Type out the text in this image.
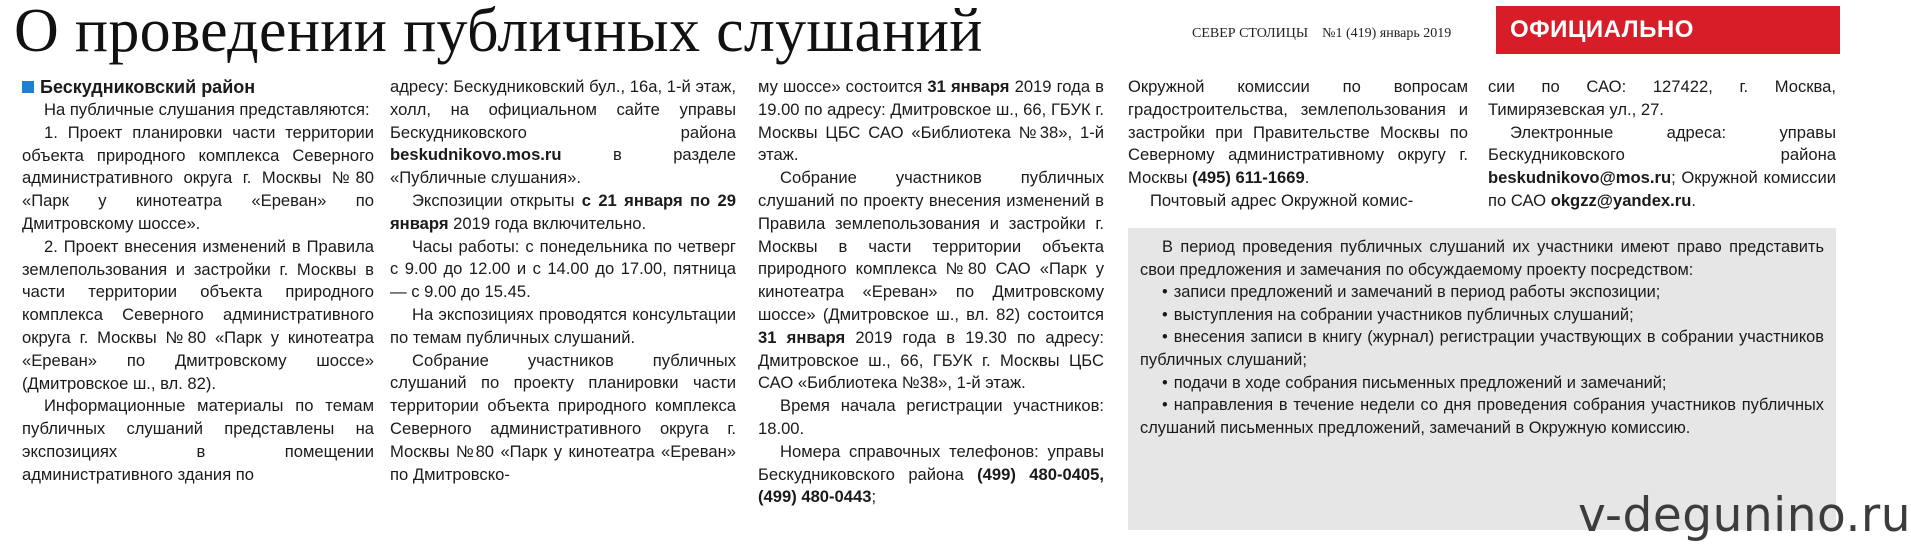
О проведении публичных слушаний	СЕВЕР СТОЛИЦЫ №1 (419) январь 2019	ОФИЦИАЛЬНО
Бескудниковский район

На публичные слушания представляются:

1. Проект планировки части территории объекта природного комплекса Северного административного округа г. Москвы №80 «Парк у кинотеатра «Ереван» по Дмитровскому шоссе».

2. Проект внесения изменений в Правила землепользования и застройки г. Москвы в части территории объекта природного комплекса Северного административного округа г. Москвы №80 «Парк у кинотеатра «Ереван» по Дмитровскому шоссе» (Дмитровское ш., вл. 82).

Информационные материалы по темам публичных слушаний представлены на экспозициях в помещении административного здания по

адресу: Бескудниковский бул., 16а, 1-й этаж, холл, на официальном сайте управы Бескудниковского района beskudnikovo.mos.ru	в разделе «Публичные слушания».

Экспозиции открыты с 21 января по 29 января 2019 года включительно.

Часы работы: с понедельника по четверг с 9.00 до 12.00 и с 14.00 до 17.00, пятница — с 9.00 до 15.45.

На экспозициях проводятся консультации по темам публичных слушаний.

Собрание участников публичных слушаний по проекту планировки части территории объекта природного комплекса Северного административного округа г. Москвы №80 «Парк у кинотеатра «Ереван» по Дмитровско-

му шоссе» состоится 31 января 2019 года в 19.00 по адресу: Дмитровское ш., 66, ГБУК г. Москвы ЦБС САО «Библиотека №38», 1-й этаж.

Собрание участников публичных слушаний по проекту внесения изменений в Правила землепользования и застройки г. Москвы в части территории объекта природного комплекса №80 САО «Парк у кинотеатра «Ереван» по Дмитровскому шоссе» (Дмитровское ш., вл. 82) состоится 31 января 2019 года в 19.30 по адресу: Дмитровское ш., 66, ГБУК г. Москвы ЦБС САО «Библиотека №38», 1-й этаж.

Время начала регистрации участников: 18.00.

Номера справочных телефонов: управы Бескудниковского района (499) 480-0405, (499) 480-0443;

Окружной комиссии по вопросам градостроительства, землепользования и застройки при Правительстве Москвы по Северному административному округу г. Москвы (495) 611-1669.

Почтовый адрес Окружной комис-

сии по САО: 127422, г. Москва, Тимирязевская ул., 27.

Электронные адреса: управы Бескудниковского района beskudnikovo@mos.ru; Окружной комиссии по САО okgzz@yandex.ru.

В период проведения публичных слушаний их участники имеют право представить свои предложения и замечания по обсуждаемому проекту посредством:

• записи предложений и замечаний в период работы экспозиции;
• выступления на собрании участников публичных слушаний;
• внесения записи в книгу (журнал) регистрации участвующих в собрании участников публичных слушаний;
• подачи в ходе собрания письменных предложений и замечаний;
• направления в течение недели со дня проведения собрания участников публичных слушаний письменных предложений, замечаний в Окружную комиссию.
v-degunino.ru
